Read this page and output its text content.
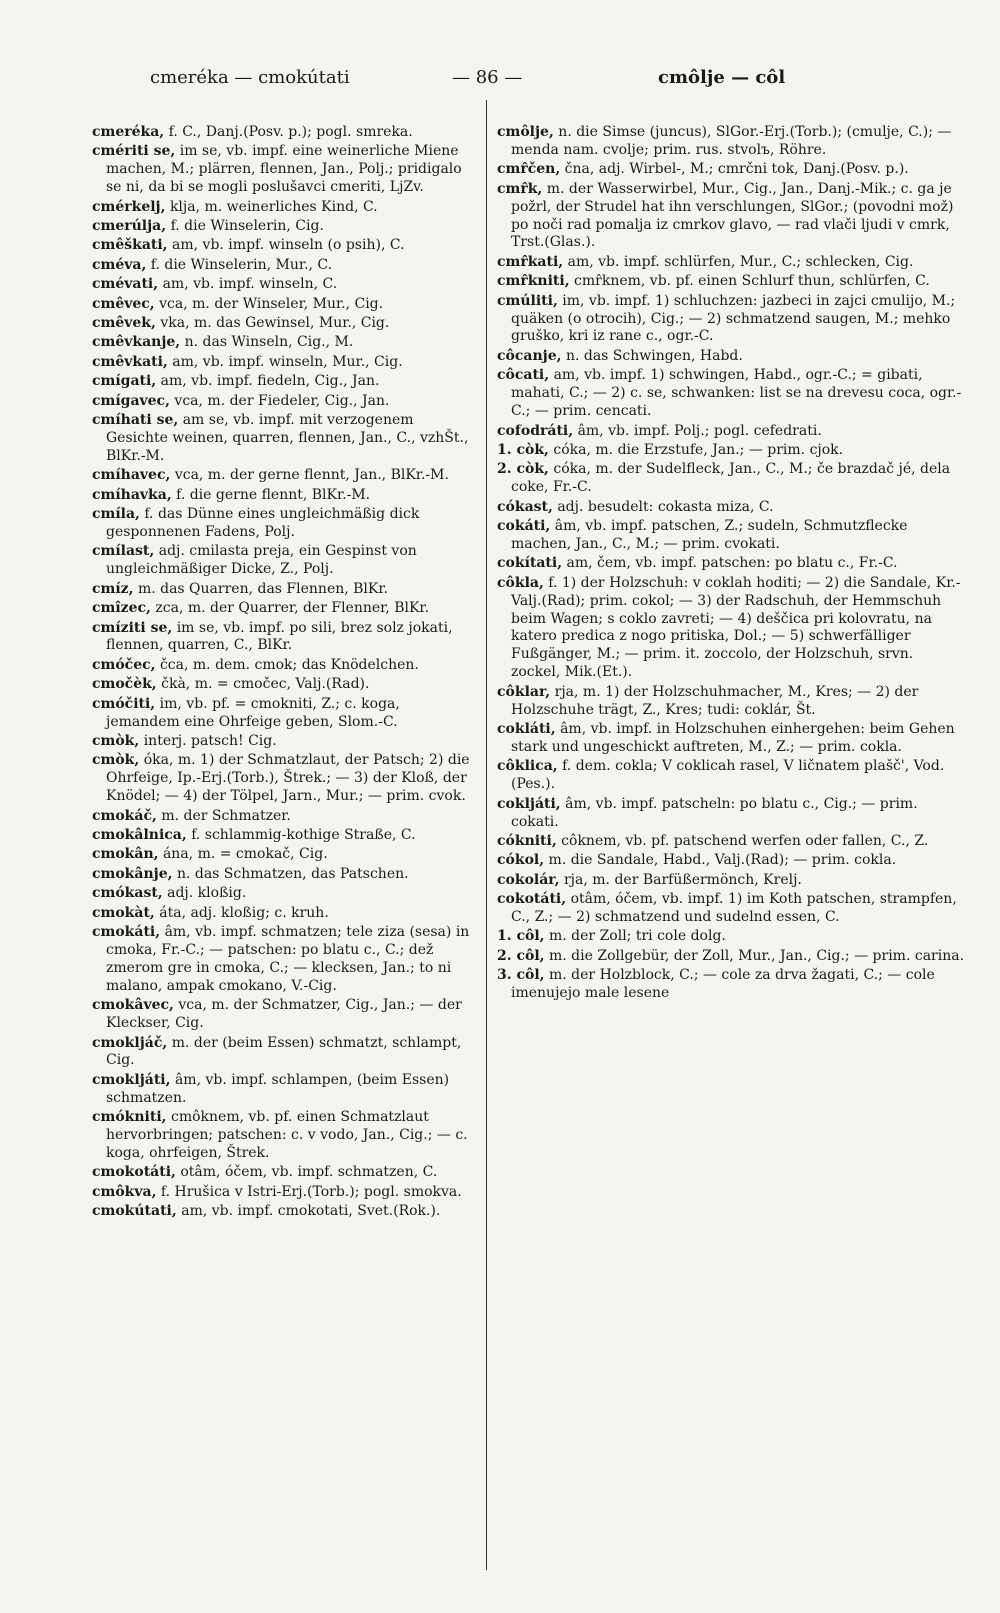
cmeréka — cmokútati	— 86 —	cmôlje — côl
cmeréka, f. C., Danj.(Posv. p.); pogl. smreka.
cmériti se, im se, vb. impf. eine weinerliche Miene machen, M.; plärren, flennen, Jan., Polj.; pridigalo se ni, da bi se mogli poslušavci cmeriti, LjZv.
cmérkelj, klja, m. weinerliches Kind, C.
cmerúlja, f. die Winselerin, Cig.
cmêškati, am, vb. impf. winseln (o psih), C.
cméva, f. die Winselerin, Mur., C.
cmévati, am, vb. impf. winseln, C.
cmêvec, vca, m. der Winseler, Mur., Cig.
cmêvek, vka, m. das Gewinsel, Mur., Cig.
cmêvkanje, n. das Winseln, Cig., M.
cmêvkati, am, vb. impf. winseln, Mur., Cig.
cmígati, am, vb. impf. fiedeln, Cig., Jan.
cmígavec, vca, m. der Fiedeler, Cig., Jan.
cmíhati se, am se, vb. impf. mit verzogenem Gesichte weinen, quarren, flennen, Jan., C., vzhŠt., BlKr.-M.
cmíhavec, vca, m. der gerne flennt, Jan., BlKr.-M.
cmíhavka, f. die gerne flennt, BlKr.-M.
cmíla, f. das Dünne eines ungleichmäßig dick gesponnenen Fadens, Polj.
cmílast, adj. cmilasta preja, ein Gespinst von ungleichmäßiger Dicke, Z., Polj.
cmíz, m. das Quarren, das Flennen, BlKr.
cmîzec, zca, m. der Quarrer, der Flenner, BlKr.
cmíziti se, im se, vb. impf. po sili, brez solz jokati, flennen, quarren, C., BlKr.
cmóčec, čca, m. dem. cmok; das Knödelchen.
cmočèk, čkà, m. = cmočec, Valj.(Rad).
cmóčiti, im, vb. pf. = cmokniti, Z.; c. koga, jemandem eine Ohrfeige geben, Slom.-C.
cmòk, interj. patsch! Cig.
cmòk, óka, m. 1) der Schmatzlaut, der Patsch; 2) die Ohrfeige, Ip.-Erj.(Torb.), Štrek.; — 3) der Kloß, der Knödel; — 4) der Tölpel, Jarn., Mur.; — prim. cvok.
cmokáč, m. der Schmatzer.
cmokâlnica, f. schlammig-kothige Straße, C.
cmokân, ána, m. = cmokač, Cig.
cmokânje, n. das Schmatzen, das Patschen.
cmókast, adj. kloßig.
cmokàt, áta, adj. kloßig; c. kruh.
cmokáti, âm, vb. impf. schmatzen; tele ziza (sesa) in cmoka, Fr.-C.; — patschen: po blatu c., C.; dež zmerom gre in cmoka, C.; — klecksen, Jan.; to ni malano, ampak cmokano, V.-Cig.
cmokâvec, vca, m. der Schmatzer, Cig., Jan.; — der Kleckser, Cig.
cmoklјáč, m. der (beim Essen) schmatzt, schlampt, Cig.
cmokljáti, âm, vb. impf. schlampen, (beim Essen) schmatzen.
cmókniti, cmôknem, vb. pf. einen Schmatzlaut hervorbringen; patschen: c. v vodo, Jan., Cig.; — c. koga, ohrfeigen, Štrek.
cmokotáti, otâm, óčem, vb. impf. schmatzen, C.
cmôkva, f. Hrušica v Istri-Erj.(Torb.); pogl. smokva.
cmokútati, am, vb. impf. cmokotati, Svet.(Rok.).
cmôlje, n. die Simse (juncus), SlGor.-Erj.(Torb.); (cmulje, C.); — menda nam. cvolje; prim. rus. stvolъ, Röhre.
cmr̂čen, čna, adj. Wirbel-, M.; cmrčni tok, Danj.(Posv. p.).
cmr̂k, m. der Wasserwirbel, Mur., Cig., Jan., Danj.-Mik.; c. ga je požrl, der Strudel hat ihn verschlungen, SlGor.; (povodni mož) po noči rad pomalja iz cmrkov glavo, — rad vlači ljudi v cmrk, Trst.(Glas.).
cmr̂kati, am, vb. impf. schlürfen, Mur., C.; schlecken, Cig.
cmr̂kniti, cmr̂knem, vb. pf. einen Schlurf thun, schlürfen, C.
cmúliti, im, vb. impf. 1) schluchzen: jazbeci in zajci cmulijo, M.; quäken (o otrocih), Cig.; — 2) schmatzend saugen, M.; mehko gruško, kri iz rane c., ogr.-C.
côcanje, n. das Schwingen, Habd.
côcati, am, vb. impf. 1) schwingen, Habd., ogr.-C.; = gibati, mahati, C.; — 2) c. se, schwanken: list se na drevesu coca, ogr.-C.; — prim. cencati.
cofodráti, âm, vb. impf. Polj.; pogl. cefedrati.
1. còk, cóka, m. die Erzstufe, Jan.; — prim. cjok.
2. còk, cóka, m. der Sudelfleck, Jan., C., M.; če brazdač jé, dela coke, Fr.-C.
cókast, adj. besudelt: cokasta miza, C.
cokáti, âm, vb. impf. patschen, Z.; sudeln, Schmutzflecke machen, Jan., C., M.; — prim. cvokati.
cokítati, am, čem, vb. impf. patschen: po blatu c., Fr.-C.
côkla, f. 1) der Holzschuh: v coklah hoditi; — 2) die Sandale, Kr.-Valj.(Rad); prim. cokol; — 3) der Radschuh, der Hemmschuh beim Wagen; s coklo zavreti; — 4) deščica pri kolovratu, na katero predica z nogo pritiska, Dol.; — 5) schwerfälliger Fußgänger, M.; — prim. it. zoccolo, der Holzschuh, srvn. zockel, Mik.(Et.).
côklar, rja, m. 1) der Holzschuhmacher, M., Kres; — 2) der Holzschuhe trägt, Z., Kres; tudi: coklár, Št.
cokláti, âm, vb. impf. in Holzschuhen einhergehen: beim Gehen stark und ungeschickt auftreten, M., Z.; — prim. cokla.
côklica, f. dem. cokla; V coklicah rasel, V ličnatem plašč', Vod.(Pes.).
cokljáti, âm, vb. impf. patscheln: po blatu c., Cig.; — prim. cokati.
cókniti, côknem, vb. pf. patschend werfen oder fallen, C., Z.
cókol, m. die Sandale, Habd., Valj.(Rad); — prim. cokla.
cokolár, rja, m. der Barfüßermönch, Krelj.
cokotáti, otâm, óčem, vb. impf. 1) im Koth patschen, strampfen, C., Z.; — 2) schmatzend und sudelnd essen, C.
1. côl, m. der Zoll; tri cole dolg.
2. côl, m. die Zollgebür, der Zoll, Mur., Jan., Cig.; — prim. carina.
3. côl, m. der Holzblock, C.; — cole za drva žagati, C.; — cole imenujejo male lesene
